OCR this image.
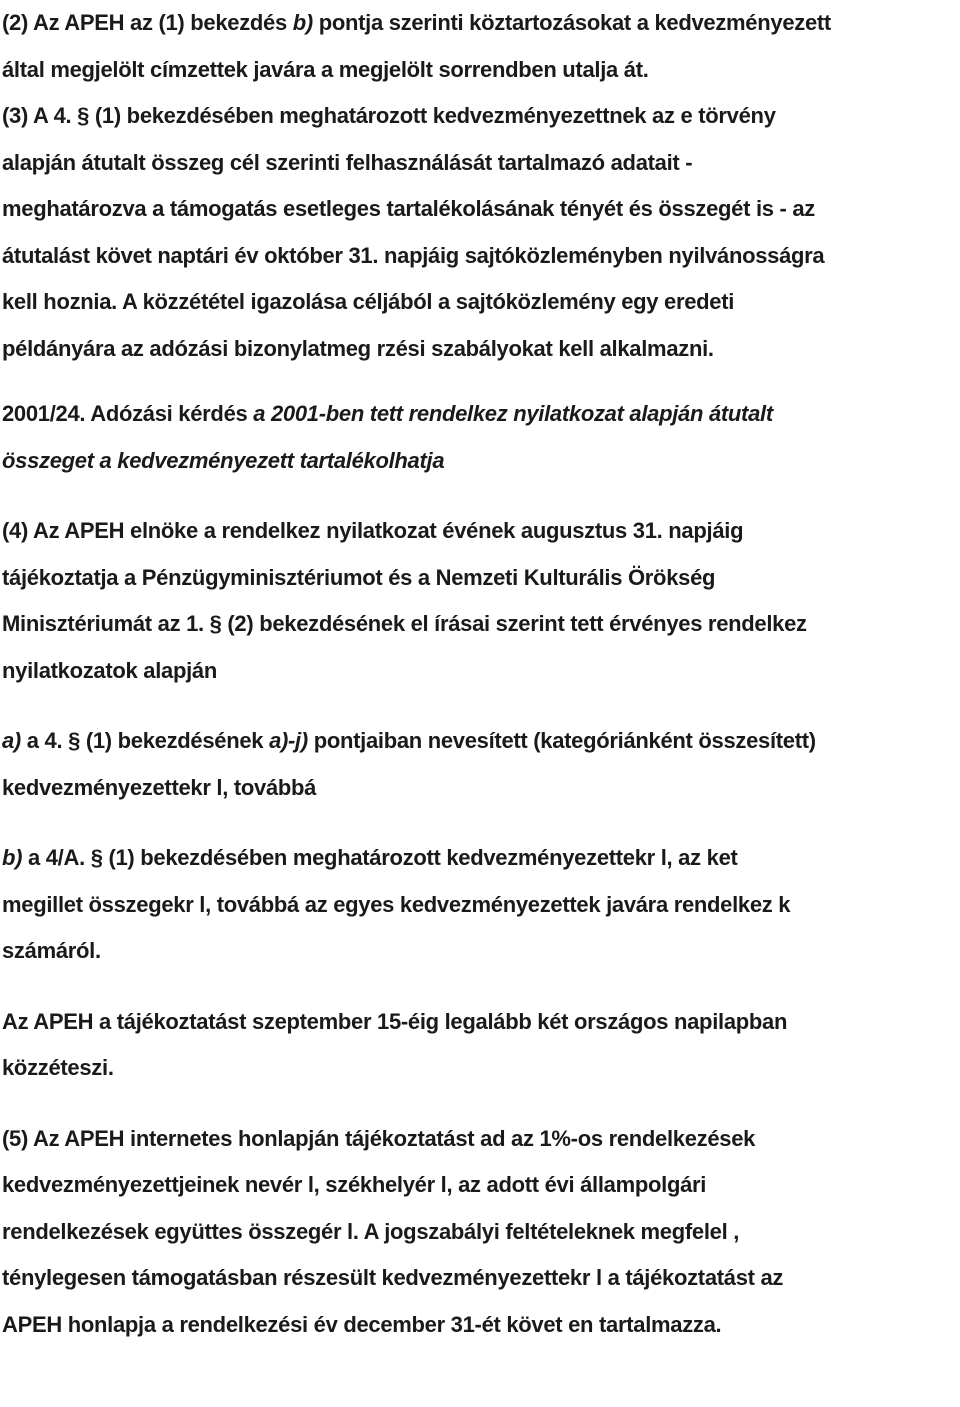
(2) Az APEH az (1) bekezdés b) pontja szerinti köztartozásokat a kedvezményezett
által megjelölt címzettek javára a megjelölt sorrendben utalja át.
(3) A 4. § (1) bekezdésében meghatározott kedvezményezettnek az e törvény
alapján átutalt összeg cél szerinti felhasználását tartalmazó adatait -
meghatározva a támogatás esetleges tartalékolásának tényét és összegét is - az
átutalást követ naptári év október 31. napjáig sajtóközleményben nyilvánosságra
kell hoznia. A közzététel igazolása céljából a sajtóközlemény egy eredeti
példányára az adózási bizonylatmeg rzési szabályokat kell alkalmazni.
2001/24. Adózási kérdés a 2001-ben tett rendelkez nyilatkozat alapján átutalt
összeget a kedvezményezett tartalékolhatja
(4) Az APEH elnöke a rendelkez nyilatkozat évének augusztus 31. napjáig
tájékoztatja a Pénzügyminisztériumot és a Nemzeti Kulturális Örökség
Minisztériumát az 1. § (2) bekezdésének el írásai szerint tett érvényes rendelkez
nyilatkozatok alapján
a) a 4. § (1) bekezdésének a)-j) pontjaiban nevesített (kategóriánként összesített)
kedvezményezettekr l, továbbá
b) a 4/A. § (1) bekezdésében meghatározott kedvezményezettekr l, az ket
megillet összegekr l, továbbá az egyes kedvezményezettek javára rendelkez k
számáról.
Az APEH a tájékoztatást szeptember 15-éig legalább két országos napilapban
közzéteszi.
(5) Az APEH internetes honlapján tájékoztatást ad az 1%-os rendelkezések
kedvezményezettjeinek nevér l, székhelyér l, az adott évi állampolgári
rendelkezések együttes összegér l. A jogszabályi feltételeknek megfelel ,
ténylegesen támogatásban részesült kedvezményezettekr l a tájékoztatást az
APEH honlapja a rendelkezési év december 31-ét követ en tartalmazza.
